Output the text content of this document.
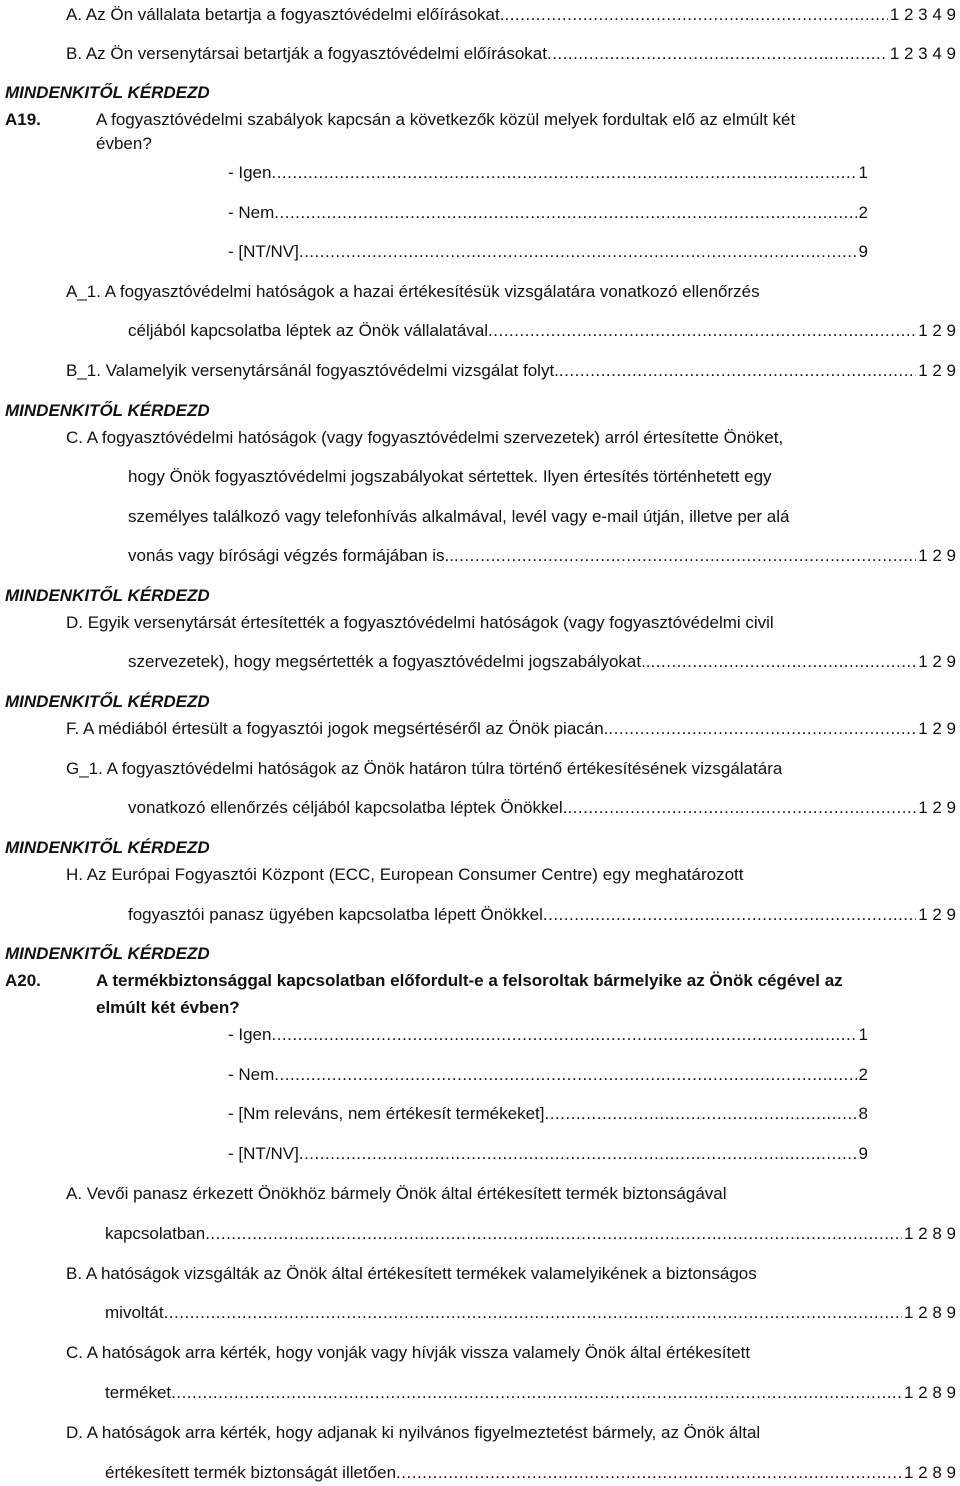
A. Az Ön vállalata betartja a fogyasztóvédelmi előírásokat. .....	1 2 3 4 9
B. Az Ön versenytársai betartják a fogyasztóvédelmi előírásokat .....	1 2 3 4 9
MINDENKITŐL KÉRDEZD
A19.	A fogyasztóvédelmi szabályok kapcsán a következők közül melyek fordultak elő az elmúlt két
évben?
- Igen .....	1
- Nem .....	2
- [NT/NV] .....	9
A_1. A fogyasztóvédelmi hatóságok a hazai értékesítésük vizsgálatára vonatkozó ellenőrzés
céljából kapcsolatba léptek az Önök vállalatával .....	1 2 9
B_1. Valamelyik versenytársánál fogyasztóvédelmi vizsgálat folyt. .....	1 2 9
MINDENKITŐL KÉRDEZD
C. A fogyasztóvédelmi hatóságok (vagy fogyasztóvédelmi szervezetek) arról értesítette Önöket,
hogy Önök fogyasztóvédelmi jogszabályokat sértettek. Ilyen értesítés történhetett egy
személyes találkozó vagy telefonhívás alkalmával, levél vagy e-mail útján, illetve per alá
vonás vagy bírósági végzés formájában is.. .....	1 2 9
MINDENKITŐL KÉRDEZD
D. Egyik versenytársát értesítették a fogyasztóvédelmi hatóságok (vagy fogyasztóvédelmi civil
szervezetek), hogy megsértették a fogyasztóvédelmi jogszabályokat.. .....	1 2 9
MINDENKITŐL KÉRDEZD
F. A médiából értesült a fogyasztói jogok megsértéséről az Önök piacán. .....	1 2 9
G_1. A fogyasztóvédelmi hatóságok az Önök határon túlra történő értékesítésének vizsgálatára
vonatkozó ellenőrzés céljából kapcsolatba léptek Önökkel. .....	1 2 9
MINDENKITŐL KÉRDEZD
H. Az Európai Fogyasztói Központ (ECC, European Consumer Centre) egy meghatározott
fogyasztói panasz ügyében kapcsolatba lépett Önökkel .....	1 2 9
MINDENKITŐL KÉRDEZD
A20.	A termékbiztonsággal kapcsolatban előfordult-e a felsoroltak bármelyike az Önök cégével az
elmúlt két évben?
- Igen .....	1
- Nem .....	2
- [Nm releváns, nem értékesít termékeket] .....	8
- [NT/NV] .....	9
A. Vevői panasz érkezett Önökhöz bármely Önök által értékesített termék biztonságával
kapcsolatban .....	1 2 8 9
B. A hatóságok vizsgálták az Önök által értékesített termékek valamelyikének a biztonságos
mivoltát .....	1 2 8 9
C. A hatóságok arra kérték, hogy vonják vagy hívják vissza valamely Önök által értékesített
terméket .....	1 2 8 9
D. A hatóságok arra kérték, hogy adjanak ki nyilvános figyelmeztetést bármely, az Önök által
értékesített termék biztonságát illetően .....	1 2 8 9
